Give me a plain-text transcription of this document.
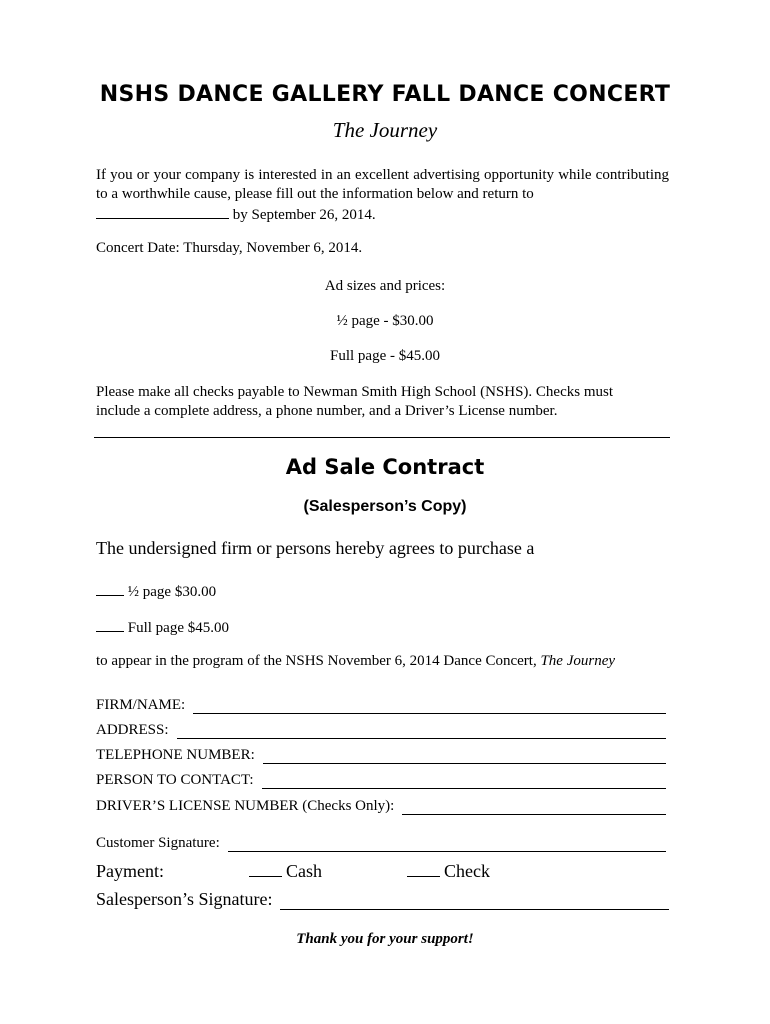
NSHS DANCE GALLERY FALL DANCE CONCERT
The Journey
If you or your company is interested in an excellent advertising opportunity while contributing to a worthwhile cause, please fill out the information below and return to
by September 26, 2014.
Concert Date: Thursday, November 6, 2014.
Ad sizes and prices:
½ page - $30.00
Full page - $45.00
Please make all checks payable to Newman Smith High School (NSHS). Checks must include a complete address, a phone number, and a Driver’s License number.
Ad Sale Contract
(Salesperson’s Copy)
The undersigned firm or persons hereby agrees to purchase a
½ page $30.00
Full page $45.00
to appear in the program of the NSHS November 6, 2014 Dance Concert, The Journey
FIRM/NAME:
ADDRESS:
TELEPHONE NUMBER:
PERSON TO CONTACT:
DRIVER’S LICENSE NUMBER (Checks Only):
Customer Signature:
Payment:	Cash	Check
Salesperson’s Signature:
Thank you for your support!
